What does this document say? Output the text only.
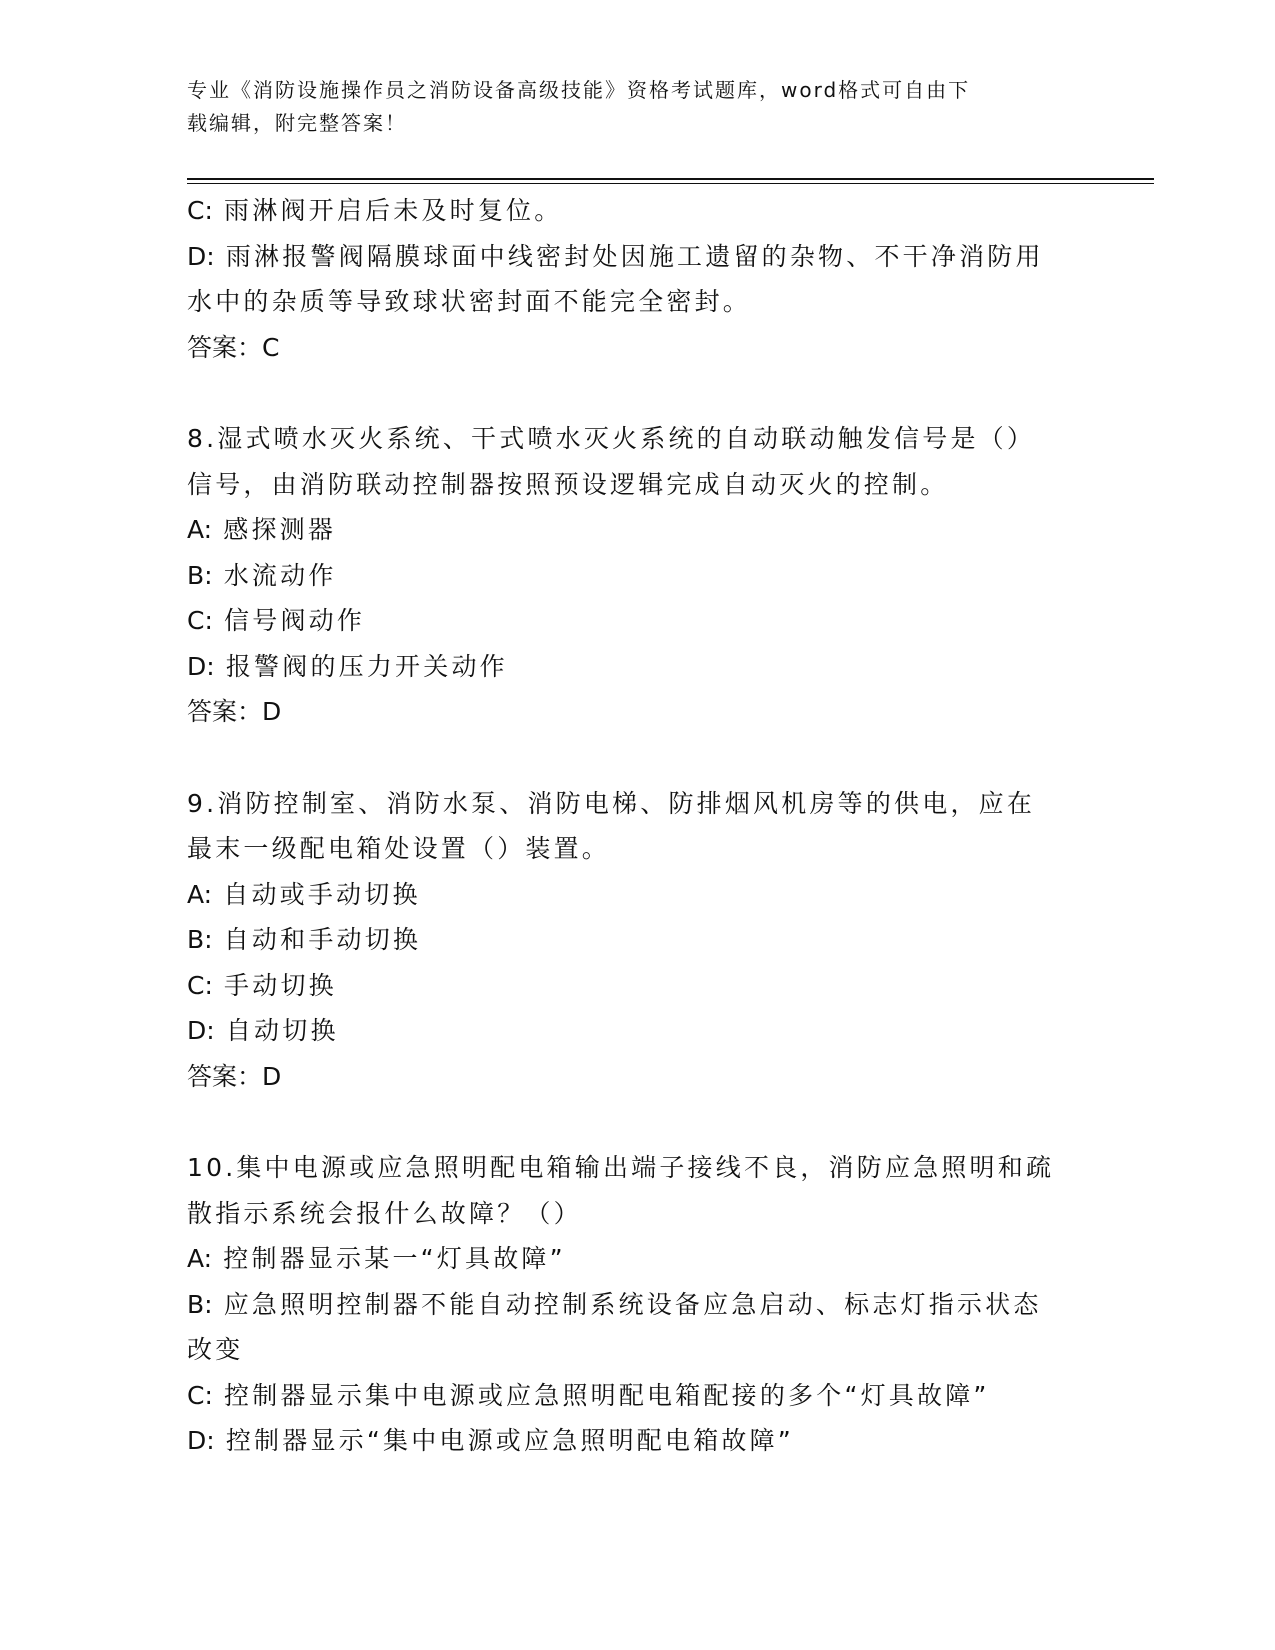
专业《消防设施操作员之消防设备高级技能》资格考试题库，word格式可自由下
载编辑，附完整答案！

C: 雨淋阀开启后未及时复位。

D: 雨淋报警阀隔膜球面中线密封处因施工遗留的杂物、不干净消防用

水中的杂质等导致球状密封面不能完全密封。

答案：C

8.湿式喷水灭火系统、干式喷水灭火系统的自动联动触发信号是（）

信号，由消防联动控制器按照预设逻辑完成自动灭火的控制。

A: 感探测器

B: 水流动作

C: 信号阀动作

D: 报警阀的压力开关动作

答案：D

9.消防控制室、消防水泵、消防电梯、防排烟风机房等的供电，应在

最末一级配电箱处设置（）装置。

A: 自动或手动切换

B: 自动和手动切换

C: 手动切换

D: 自动切换

答案：D

10.集中电源或应急照明配电箱输出端子接线不良，消防应急照明和疏

散指示系统会报什么故障？（）

A: 控制器显示某一“灯具故障”

B: 应急照明控制器不能自动控制系统设备应急启动、标志灯指示状态

改变

C: 控制器显示集中电源或应急照明配电箱配接的多个“灯具故障”

D: 控制器显示“集中电源或应急照明配电箱故障”
